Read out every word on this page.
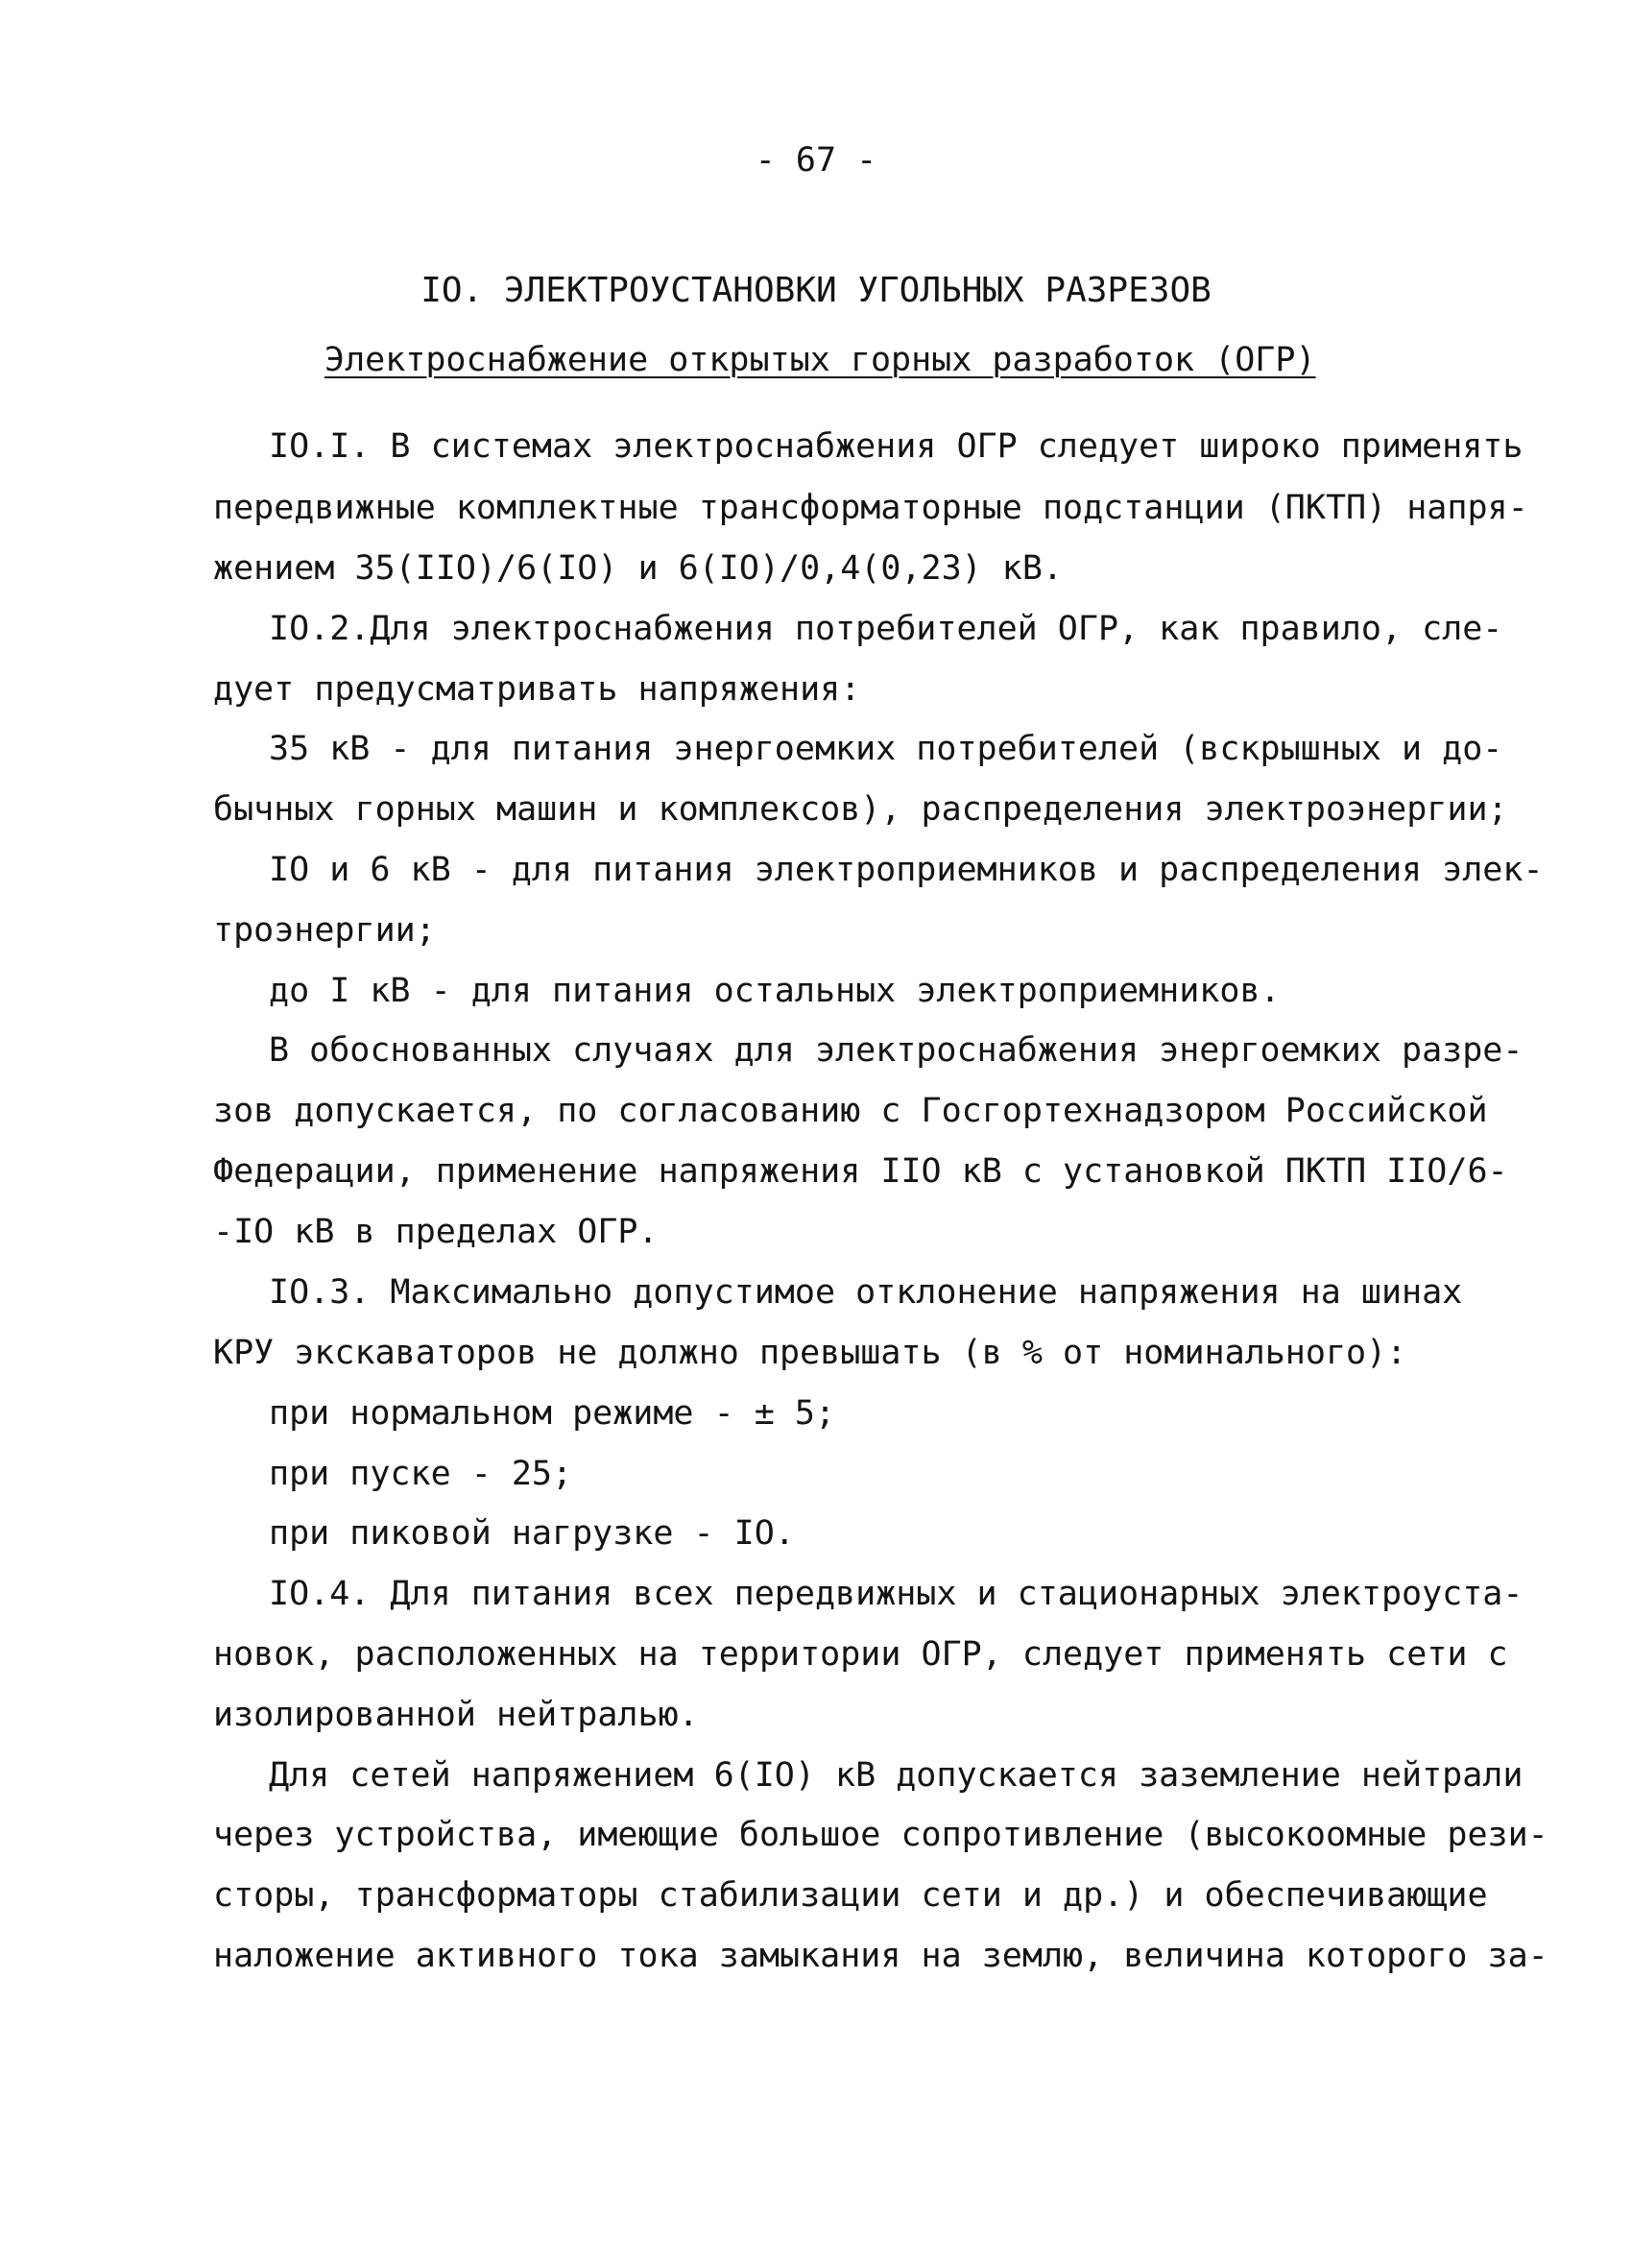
- 67 -
IO. ЭЛЕКТРОУСТАНОВКИ УГОЛЬНЫХ РАЗРЕЗОВ
Электроснабжение открытых горных разработок (ОГР)
IO.I. В системах электроснабжения ОГР следует широко применять
передвижные комплектные трансформаторные подстанции (ПКТП) напря-
жением 35(IIO)/6(IO) и 6(IO)/0,4(0,23) кВ.
IO.2.Для электроснабжения потребителей ОГР, как правило, сле-
дует предусматривать напряжения:
35 кВ - для питания энергоемких потребителей (вскрышных и до-
бычных горных машин и комплексов), распределения электроэнергии;
IO и 6 кВ - для питания электроприемников и распределения элек-
троэнергии;
до I кВ - для питания остальных электроприемников.
В обоснованных случаях для электроснабжения энергоемких разре-
зов допускается, по согласованию с Госгортехнадзором Российской
Федерации, применение напряжения IIO кВ с установкой ПКТП IIO/6-
-IO кВ в пределах ОГР.
IO.3. Максимально допустимое отклонение напряжения на шинах
КРУ экскаваторов не должно превышать (в % от номинального):
при нормальном режиме - ± 5;
при пуске - 25;
при пиковой нагрузке - IO.
IO.4. Для питания всех передвижных и стационарных электроуста-
новок, расположенных на территории ОГР, следует применять сети с
изолированной нейтралью.
Для сетей напряжением 6(IO) кВ допускается заземление нейтрали
через устройства, имеющие большое сопротивление (высокоомные рези-
сторы, трансформаторы стабилизации сети и др.) и обеспечивающие
наложение активного тока замыкания на землю, величина которого за-
